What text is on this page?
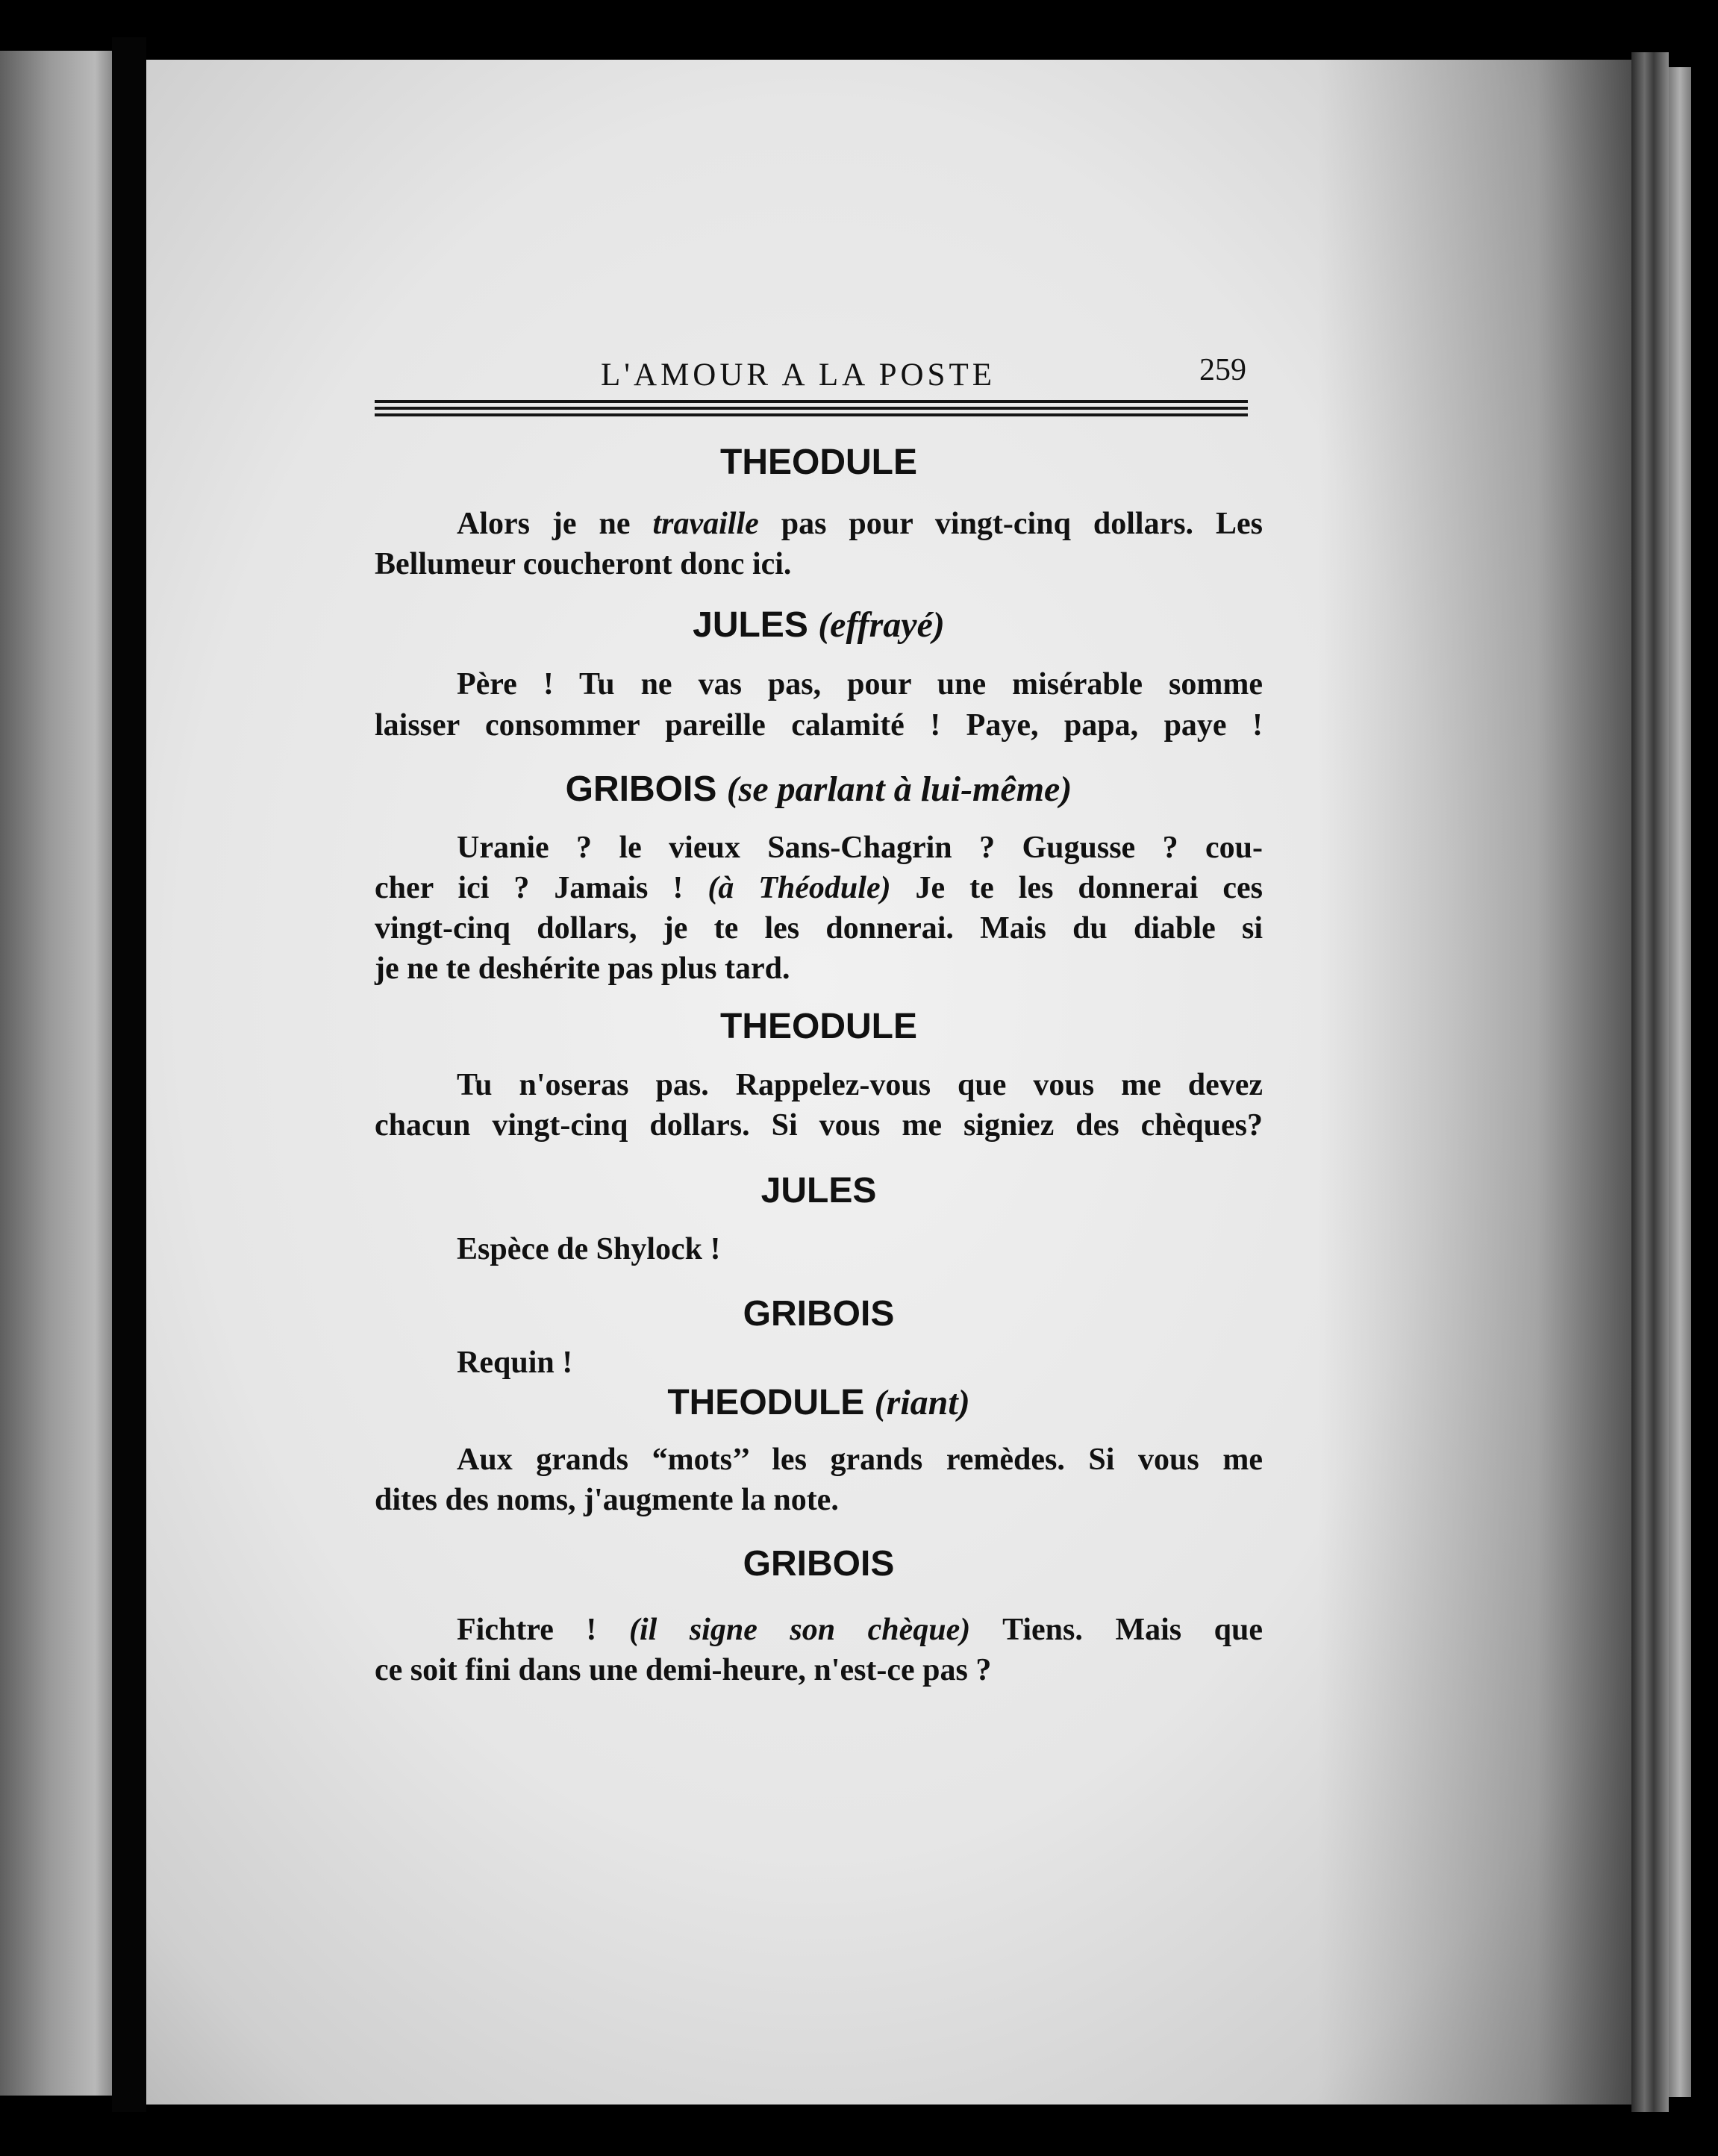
L'AMOUR A LA POSTE	259
THEODULE
Alors je ne travaille pas pour vingt-cinq dollars. Les
Bellumeur coucheront donc ici.
JULES (effrayé)
Père ! Tu ne vas pas, pour une misérable somme
laisser consommer pareille calamité ! Paye, papa, paye !
GRIBOIS (se parlant à lui-même)
Uranie ? le vieux Sans-Chagrin ? Gugusse ? cou-
cher ici ? Jamais ! (à Théodule) Je te les donnerai ces
vingt-cinq dollars, je te les donnerai. Mais du diable si
je ne te deshérite pas plus tard.
THEODULE
Tu n'oseras pas. Rappelez-vous que vous me devez
chacun vingt-cinq dollars. Si vous me signiez des chèques?
JULES
Espèce de Shylock !
GRIBOIS
Requin !
THEODULE (riant)
Aux grands “mots’’ les grands remèdes. Si vous me
dites des noms, j'augmente la note.
GRIBOIS
Fichtre ! (il signe son chèque) Tiens. Mais que
ce soit fini dans une demi-heure, n'est-ce pas ?
